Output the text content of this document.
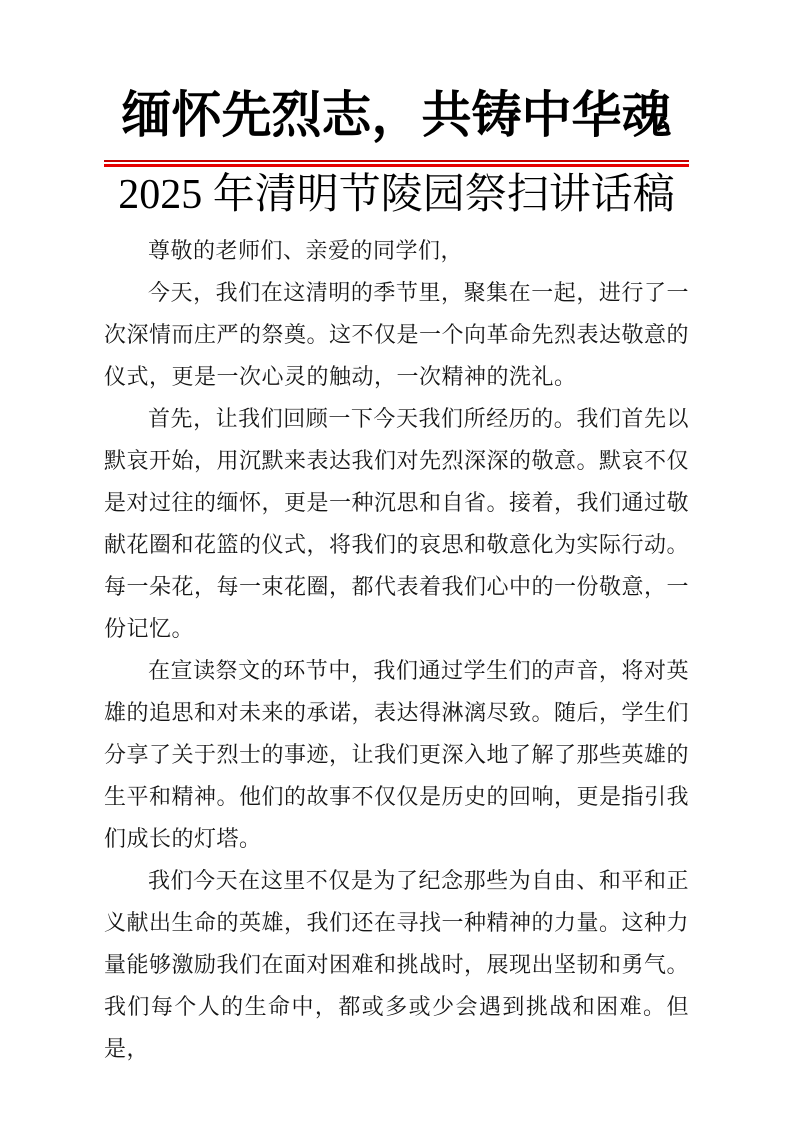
缅怀先烈志，共铸中华魂
2025 年清明节陵园祭扫讲话稿

尊敬的老师们、亲爱的同学们，

今天，我们在这清明的季节里，聚集在一起，进行了一次深情而庄严的祭奠。这不仅是一个向革命先烈表达敬意的仪式，更是一次心灵的触动，一次精神的洗礼。

首先，让我们回顾一下今天我们所经历的。我们首先以默哀开始，用沉默来表达我们对先烈深深的敬意。默哀不仅是对过往的缅怀，更是一种沉思和自省。接着，我们通过敬献花圈和花篮的仪式，将我们的哀思和敬意化为实际行动。每一朵花，每一束花圈，都代表着我们心中的一份敬意，一份记忆。

在宣读祭文的环节中，我们通过学生们的声音，将对英雄的追思和对未来的承诺，表达得淋漓尽致。随后，学生们分享了关于烈士的事迹，让我们更深入地了解了那些英雄的生平和精神。他们的故事不仅仅是历史的回响，更是指引我们成长的灯塔。

我们今天在这里不仅是为了纪念那些为自由、和平和正义献出生命的英雄，我们还在寻找一种精神的力量。这种力量能够激励我们在面对困难和挑战时，展现出坚韧和勇气。我们每个人的生命中，都或多或少会遇到挑战和困难。但是，
